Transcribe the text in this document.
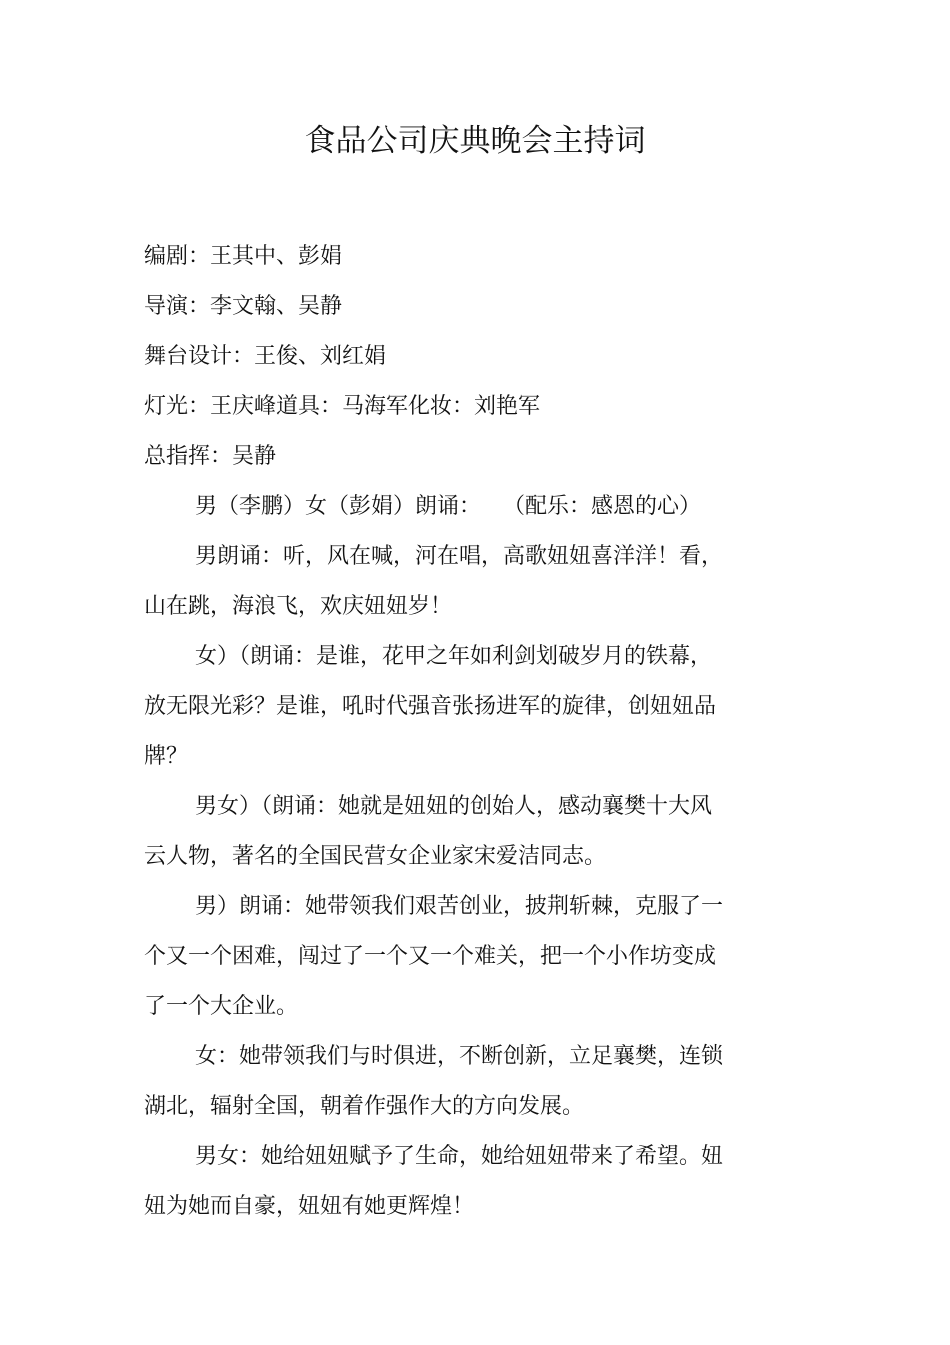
食品公司庆典晚会主持词
编剧：王其中、彭娟
导演：李文翰、吴静
舞台设计：王俊、刘红娟
灯光：王庆峰道具：马海军化妆：刘艳军
总指挥：吴静
男（李鹏）女（彭娟）朗诵：　　（配乐：感恩的心）
男朗诵：听，风在喊，河在唱，高歌妞妞喜洋洋！看，
山在跳，海浪飞，欢庆妞妞岁！
女）（朗诵：是谁，花甲之年如利剑划破岁月的铁幕，
放无限光彩？是谁，吼时代强音张扬进军的旋律，创妞妞品
牌？
男女）（朗诵：她就是妞妞的创始人，感动襄樊十大风
云人物，著名的全国民营女企业家宋爱洁同志。
男）朗诵：她带领我们艰苦创业，披荆斩棘，克服了一
个又一个困难，闯过了一个又一个难关，把一个小作坊变成
了一个大企业。
女：她带领我们与时俱进，不断创新，立足襄樊，连锁
湖北，辐射全国，朝着作强作大的方向发展。
男女：她给妞妞赋予了生命，她给妞妞带来了希望。妞
妞为她而自豪，妞妞有她更辉煌！
